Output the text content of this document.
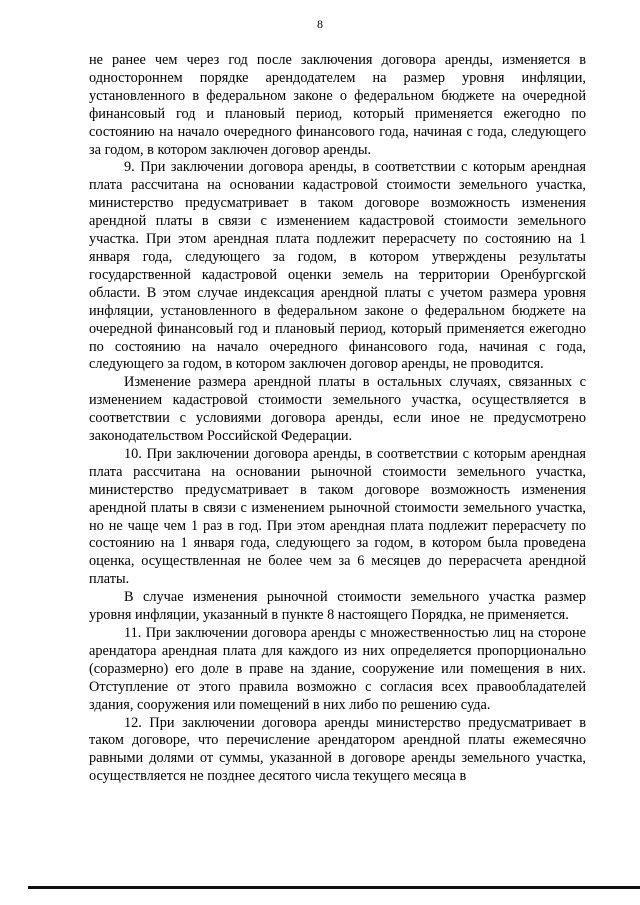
8

не ранее чем через год после заключения договора аренды, изменяется в одностороннем порядке арендодателем на размер уровня инфляции, установленного в федеральном законе о федеральном бюджете на очередной финансовый год и плановый период, который применяется ежегодно по состоянию на начало очередного финансового года, начиная с года, следующего за годом, в котором заключен договор аренды.

9. При заключении договора аренды, в соответствии с которым арендная плата рассчитана на основании кадастровой стоимости земельного участка, министерство предусматривает в таком договоре возможность изменения арендной платы в связи с изменением кадастровой стоимости земельного участка. При этом арендная плата подлежит перерасчету по состоянию на 1 января года, следующего за годом, в котором утверждены результаты государственной кадастровой оценки земель на территории Оренбургской области. В этом случае индексация арендной платы с учетом размера уровня инфляции, установленного в федеральном законе о федеральном бюджете на очередной финансовый год и плановый период, который применяется ежегодно по состоянию на начало очередного финансового года, начиная с года, следующего за годом, в котором заключен договор аренды, не проводится.

Изменение размера арендной платы в остальных случаях, связанных с изменением кадастровой стоимости земельного участка, осуществляется в соответствии с условиями договора аренды, если иное не предусмотрено законодательством Российской Федерации.

10. При заключении договора аренды, в соответствии с которым арендная плата рассчитана на основании рыночной стоимости земельного участка, министерство предусматривает в таком договоре возможность изменения арендной платы в связи с изменением рыночной стоимости земельного участка, но не чаще чем 1 раз в год. При этом арендная плата подлежит перерасчету по состоянию на 1 января года, следующего за годом, в котором была проведена оценка, осуществленная не более чем за 6 месяцев до перерасчета арендной платы.

В случае изменения рыночной стоимости земельного участка размер уровня инфляции, указанный в пункте 8 настоящего Порядка, не применяется.

11. При заключении договора аренды с множественностью лиц на стороне арендатора арендная плата для каждого из них определяется пропорционально (соразмерно) его доле в праве на здание, сооружение или помещения в них. Отступление от этого правила возможно с согласия всех правообладателей здания, сооружения или помещений в них либо по решению суда.

12. При заключении договора аренды министерство предусматривает в таком договоре, что перечисление арендатором арендной платы ежемесячно равными долями от суммы, указанной в договоре аренды земельного участка, осуществляется не позднее десятого числа текущего месяца в
